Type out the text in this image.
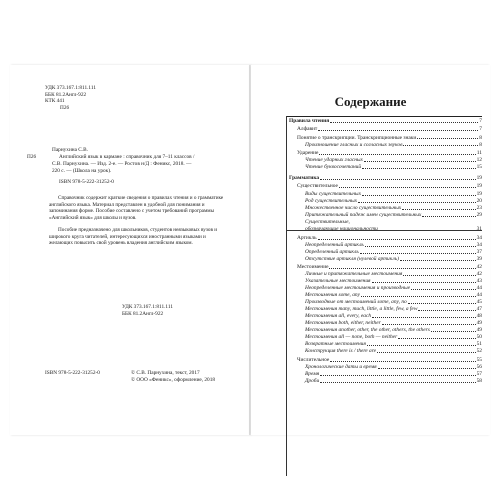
УДК 373.167.1:811.111
ББК 81.2Англ-922
КТК 441
П26
Парнухина С.В.
П26	Английский язык в кармане : справочник для 7–11 классов /
С.В. Парнухина. — Изд. 2-е. — Ростов н/Д : Феникс, 2018. —
220 с. — (Школа на урок).
ISBN 978-5-222-31252-0
Справочник содержит краткие сведения о правилах чтения и о грамматике английского языка. Материал представлен в удобной для понимания и запоминания форме. Пособие составлено с учетом требований программы «Английский язык» для школы и вузов.
Пособие предназначено для школьников, студентов неязыковых вузов и широкого круга читателей, интересующихся иностранными языками и желающих повысить свой уровень владения английским языком.
УДК 373.167.1:811.111
ББК 81.2Англ-922
ISBN 978-5-222-31252-0	© С.В. Парнухина, текст, 2017
© ООО «Феникс», оформление, 2018
Содержание
Правила чтения	7
Алфавит	7
Понятие о транскрипции. Транскрипционные знаки	8
Произношение гласных и согласных звуков	8
Ударение	11
Чтение ударных гласных	12
Чтение буквосочетаний	15
Грамматика	19
Существительное	19
Виды существительных	19
Род существительных	20
Множественное число существительных	23
Притяжательный падеж имен существительных	29
Существительные,
обозначающие национальности	31
Артикль	34
Неопределенный артикль	34
Определенный артикль	37
Отсутствие артикля (нулевой артикль)	39
Местоимение	42
Личные и притяжательные местоимения	42
Указательные местоимения	43
Неопределенные местоимения и производные	44
Местоимения some, any	44
Производные от местоимений some, any, no	45
Местоимения many, much, little, a little, few, a few	47
Местоимения all, every, each	48
Местоимения both, either, neither	49
Местоимения another, other, the other, others, the others	49
Местоимения all — none, both — neither	50
Возвратные местоимения	51
Конструкция there is / there are	52
Числительное	55
Хронологические даты и время	56
Время	57
Дроби	58
